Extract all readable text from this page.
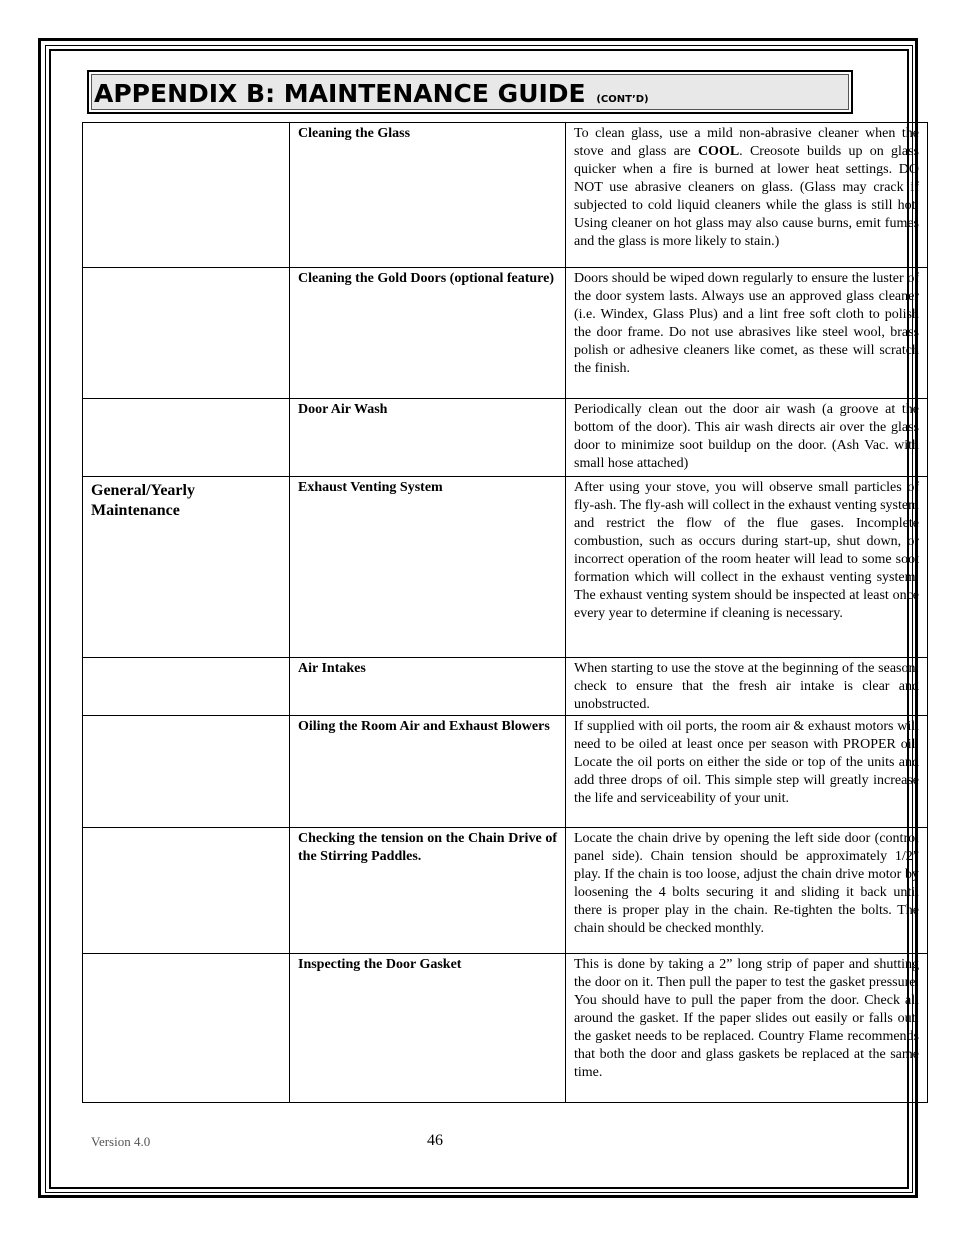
APPENDIX B: MAINTENANCE GUIDE (CONT’D)

	Cleaning the Glass	To clean glass, use a mild non-abrasive cleaner when the stove and glass are COOL. Creosote builds up on glass quicker when a fire is burned at lower heat settings. DO NOT use abrasive cleaners on glass. (Glass may crack if subjected to cold liquid cleaners while the glass is still hot. Using cleaner on hot glass may also cause burns, emit fumes and the glass is more likely to stain.)

	Cleaning the Gold Doors (optional feature)	Doors should be wiped down regularly to ensure the luster of the door system lasts. Always use an approved glass cleaner (i.e. Windex, Glass Plus) and a lint free soft cloth to polish the door frame. Do not use abrasives like steel wool, brass polish or adhesive cleaners like comet, as these will scratch the finish.

	Door Air Wash	Periodically clean out the door air wash (a groove at the bottom of the door). This air wash directs air over the glass door to minimize soot buildup on the door. (Ash Vac. with small hose attached)

General/Yearly Maintenance	Exhaust Venting System	After using your stove, you will observe small particles of fly-ash. The fly-ash will collect in the exhaust venting system and restrict the flow of the flue gases. Incomplete combustion, such as occurs during start-up, shut down, or incorrect operation of the room heater will lead to some soot formation which will collect in the exhaust venting system. The exhaust venting system should be inspected at least once every year to determine if cleaning is necessary.

	Air Intakes	When starting to use the stove at the beginning of the season, check to ensure that the fresh air intake is clear and unobstructed.

	Oiling the Room Air and Exhaust Blowers	If supplied with oil ports, the room air & exhaust motors will need to be oiled at least once per season with PROPER oil. Locate the oil ports on either the side or top of the units and add three drops of oil. This simple step will greatly increase the life and serviceability of your unit.

	Checking the tension on the Chain Drive of the Stirring Paddles.	Locate the chain drive by opening the left side door (control panel side). Chain tension should be approximately 1/2” play. If the chain is too loose, adjust the chain drive motor by loosening the 4 bolts securing it and sliding it back until there is proper play in the chain. Re-tighten the bolts. The chain should be checked monthly.

	Inspecting the Door Gasket	This is done by taking a 2” long strip of paper and shutting the door on it. Then pull the paper to test the gasket pressure. You should have to pull the paper from the door. Check all around the gasket. If the paper slides out easily or falls out, the gasket needs to be replaced. Country Flame recommends that both the door and glass gaskets be replaced at the same time.
Version 4.0	46
